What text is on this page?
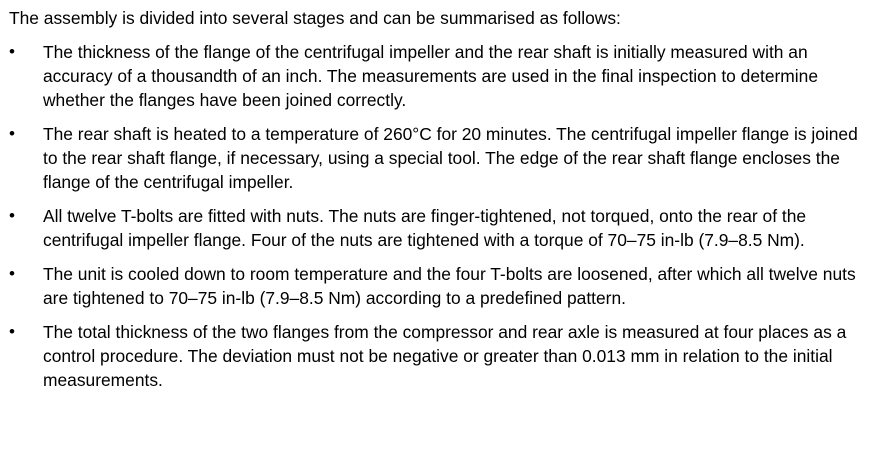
The assembly is divided into several stages and can be summarised as follows:

•	The thickness of the flange of the centrifugal impeller and the rear shaft is initially measured with an accuracy of a thousandth of an inch. The measurements are used in the final inspection to determine whether the flanges have been joined correctly.
•	The rear shaft is heated to a temperature of 260°C for 20 minutes. The centrifugal impeller flange is joined to the rear shaft flange, if necessary, using a special tool. The edge of the rear shaft flange encloses the flange of the centrifugal impeller.
•	All twelve T-bolts are fitted with nuts. The nuts are finger-tightened, not torqued, onto the rear of the centrifugal impeller flange. Four of the nuts are tightened with a torque of 70–75 in-lb (7.9–8.5 Nm).
•	The unit is cooled down to room temperature and the four T-bolts are loosened, after which all twelve nuts are tightened to 70–75 in-lb (7.9–8.5 Nm) according to a predefined pattern.
•	The total thickness of the two flanges from the compressor and rear axle is measured at four places as a control procedure. The deviation must not be negative or greater than 0.013 mm in relation to the initial measurements.
